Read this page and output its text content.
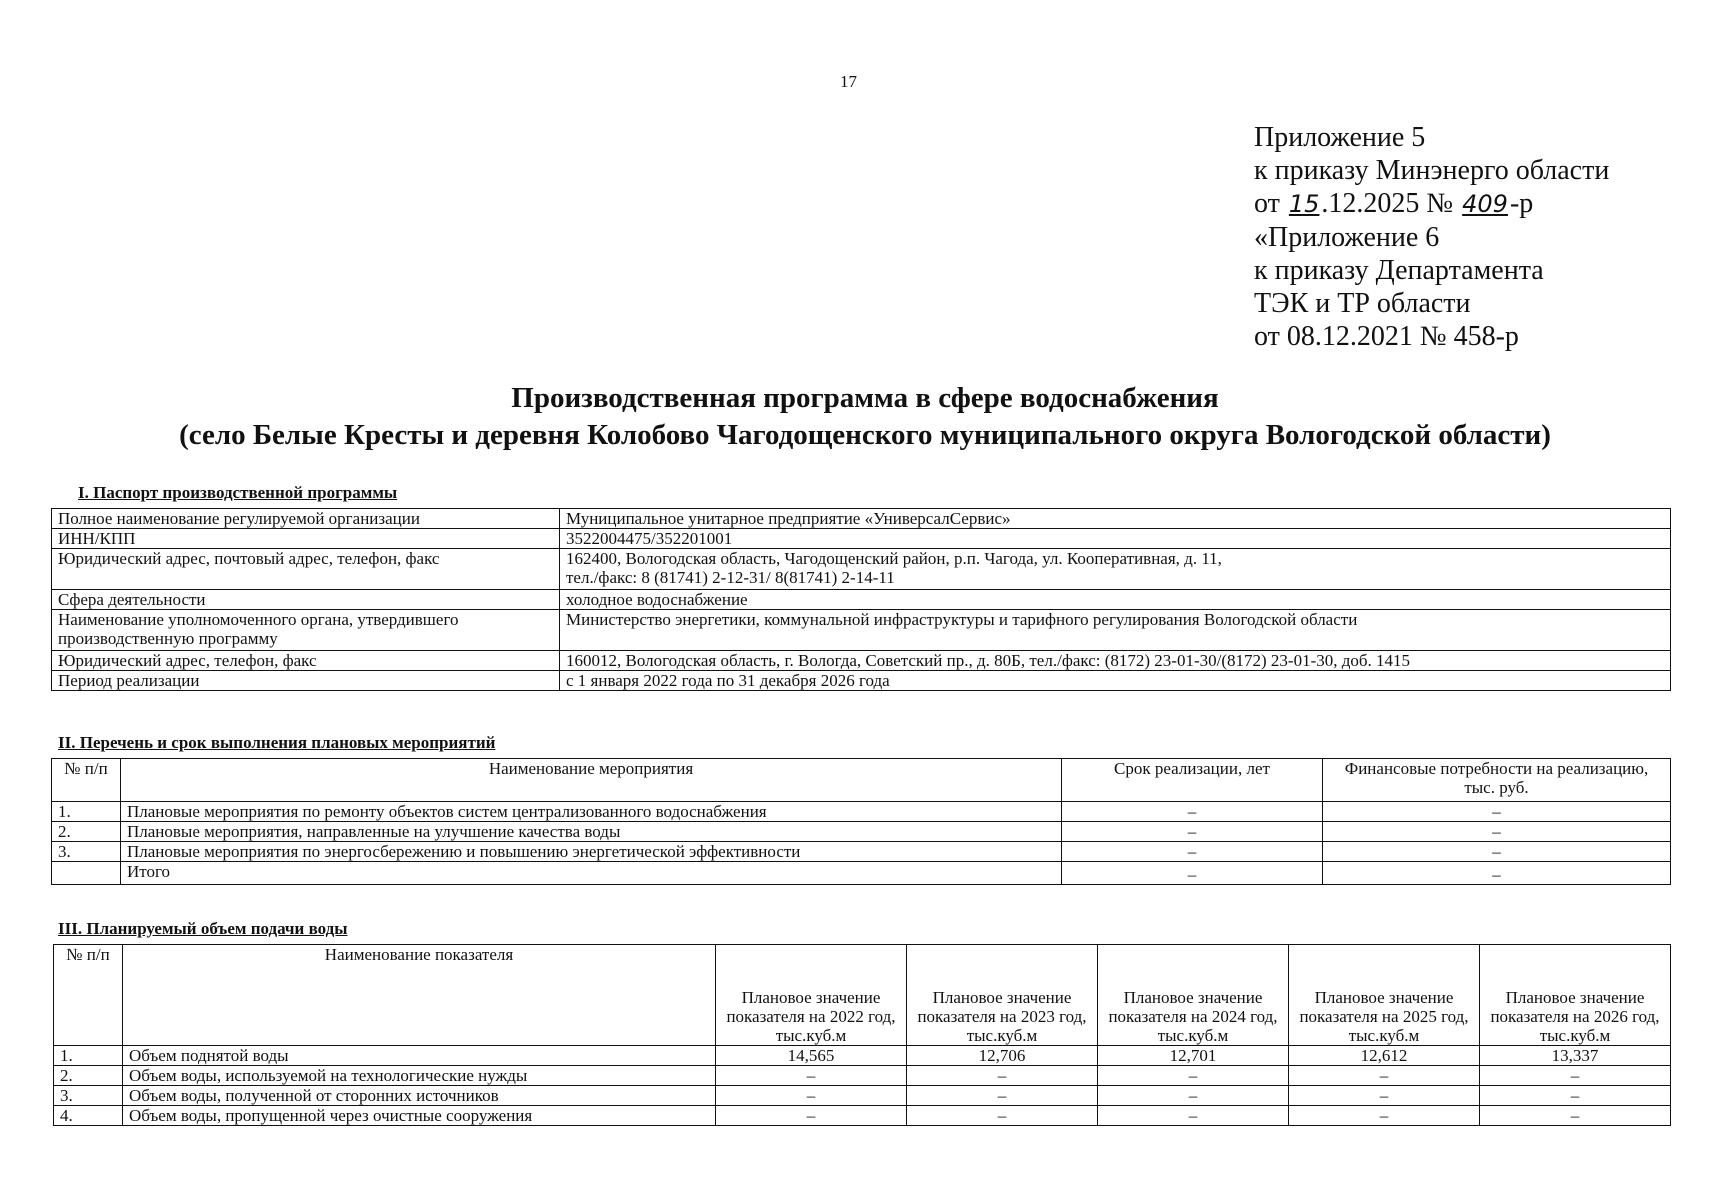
17
Приложение 5
к приказу Минэнерго области
от 15.12.2025 № 409-р
«Приложение 6
к приказу Департамента
ТЭК и ТР области
от 08.12.2021 № 458-р
Производственная программа в сфере водоснабжения
(село Белые Кресты и деревня Колобово Чагодощенского муниципального округа Вологодской области)
I. Паспорт производственной программы
Полное наименование регулируемой организации	Муниципальное унитарное предприятие «УниверсалСервис»
ИНН/КПП	3522004475/352201001
Юридический адрес, почтовый адрес, телефон, факс	162400, Вологодская область, Чагодощенский район, р.п. Чагода, ул. Кооперативная, д. 11,
тел./факс: 8 (81741) 2-12-31/ 8(81741) 2-14-11

Сфера деятельности	холодное водоснабжение
Наименование уполномоченного органа, утвердившего производственную программу	Министерство энергетики, коммунальной инфраструктуры и тарифного регулирования Вологодской области
Юридический адрес, телефон, факс	160012, Вологодская область, г. Вологда, Советский пр., д. 80Б, тел./факс: (8172) 23-01-30/(8172) 23-01-30, доб. 1415
Период реализации	с 1 января 2022 года по 31 декабря 2026 года
II. Перечень и срок выполнения плановых мероприятий
№ п/п	Наименование мероприятия	Срок реализации, лет	Финансовые потребности на реализацию, тыс. руб.
1.	Плановые мероприятия по ремонту объектов систем централизованного водоснабжения	–	–
2.	Плановые мероприятия, направленные на улучшение качества воды	–	–
3.	Плановые мероприятия по энергосбережению и повышению энергетической эффективности	–	–
	Итого	–	–
III. Планируемый объем подачи воды
№ п/п	Наименование показателя	Плановое значение показателя на 2022 год, тыс.куб.м	Плановое значение показателя на 2023 год, тыс.куб.м	Плановое значение показателя на 2024 год, тыс.куб.м	Плановое значение показателя на 2025 год, тыс.куб.м	Плановое значение показателя на 2026 год, тыс.куб.м
1.	Объем поднятой воды	14,565	12,706	12,701	12,612	13,337
2.	Объем воды, используемой на технологические нужды	–	–	–	–	–
3.	Объем воды, полученной от сторонних источников	–	–	–	–	–
4.	Объем воды, пропущенной через очистные сооружения	–	–	–	–	–
